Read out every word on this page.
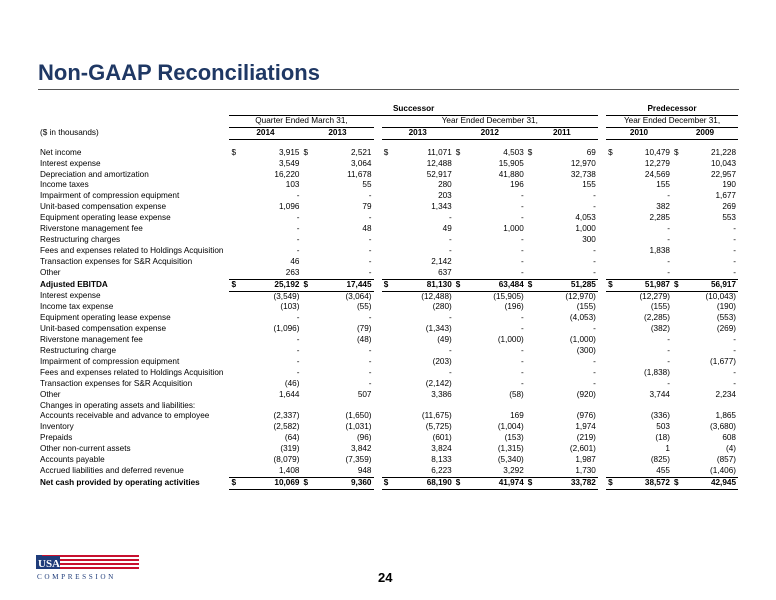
Non-GAAP Reconciliations
	Successor												Predecessor			
	Quarter Ended March 31,					Year Ended December 31,							Year Ended December 31,			
($ in thousands)	2014		2013			2013		2012		2011			2010		2009	

Net income	$	3,915	$	2,521		$	11,071	$	4,503	$	69		$	10,479	$	21,228
Interest expense		3,549		3,064			12,488		15,905		12,970			12,279		10,043
Depreciation and amortization		16,220		11,678			52,917		41,880		32,738			24,569		22,957
Income taxes		103		55			280		196		155			155		190
Impairment of compression equipment		-		-			203		-		-			-		1,677
Unit-based compensation expense		1,096		79			1,343		-		-			382		269
Equipment operating lease expense		-		-			-		-		4,053			2,285		553
Riverstone management fee		-		48			49		1,000		1,000			-		-
Restructuring charges		-		-			-		-		300			-		-
Fees and expenses related to Holdings Acquisition		-		-			-		-		-			1,838		-
Transaction expenses for S&R Acquisition		46		-			2,142		-		-			-		-
Other		263		-			637		-		-			-		-
Adjusted EBITDA	$	25,192	$	17,445		$	81,130	$	63,484	$	51,285		$	51,987	$	56,917
Interest expense		(3,549)		(3,064)			(12,488)		(15,905)		(12,970)			(12,279)		(10,043)
Income tax expense		(103)		(55)			(280)		(196)		(155)			(155)		(190)
Equipment operating lease expense		-		-			-		-		(4,053)			(2,285)		(553)
Unit-based compensation expense		(1,096)		(79)			(1,343)		-		-			(382)		(269)
Riverstone management fee		-		(48)			(49)		(1,000)		(1,000)			-		-
Restructuring charge		-		-			-		-		(300)			-		-
Impairment of compression equipment		-		-			(203)		-		-			-		(1,677)
Fees and expenses related to Holdings Acquisition		-		-			-		-		-			(1,838)		-
Transaction expenses for S&R Acquisition		(46)		-			(2,142)		-		-			-		-
Other		1,644		507			3,386		(58)		(920)			3,744		2,234
Changes in operating assets and liabilities:																
Accounts receivable and advance to employee		(2,337)		(1,650)			(11,675)		169		(976)			(336)		1,865
Inventory		(2,582)		(1,031)			(5,725)		(1,004)		1,974			503		(3,680)
Prepaids		(64)		(96)			(601)		(153)		(219)			(18)		608
Other non-current assets		(319)		3,842			3,824		(1,315)		(2,601)			1		(4)
Accounts payable		(8,079)		(7,359)			8,133		(5,340)		1,987			(825)		(857)
Accrued liabilities and deferred revenue		1,408		948			6,223		3,292		1,730			455		(1,406)
Net cash provided by operating activities	$	10,069	$	9,360		$	68,190	$	41,974	$	33,782		$	38,572	$	42,945
USA
COMPRESSION	24
